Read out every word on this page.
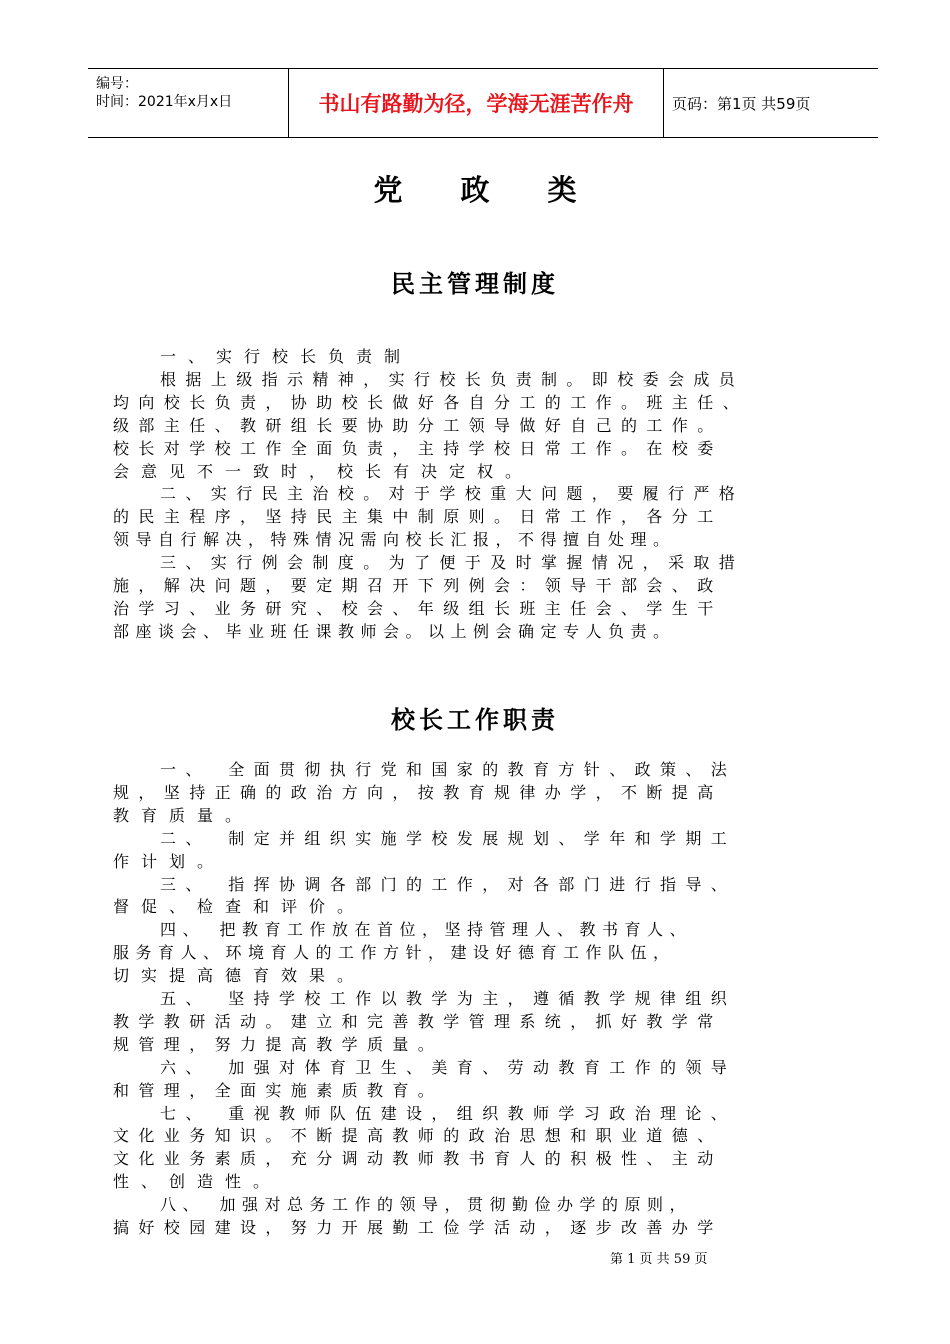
编号：
时间：2021年x月x日	书山有路勤为径，学海无涯苦作舟	页码：第1页 共59页
党政类
民主管理制度
一、实行校长负责制
根据上级指示精神，实行校长负责制。即校委会成员
均向校长负责，协助校长做好各自分工的工作。班主任、
级部主任、教研组长要协助分工领导做好自己的工作。
校长对学校工作全面负责，主持学校日常工作。在校委
会意见不一致时，校长有决定权。
二、实行民主治校。对于学校重大问题，要履行严格
的民主程序，坚持民主集中制原则。日常工作，各分工
领导自行解决，特殊情况需向校长汇报，不得擅自处理。
三、实行例会制度。为了便于及时掌握情况，采取措
施，解决问题，要定期召开下列例会：领导干部会、政
治学习、业务研究、校会、年级组长班主任会、学生干
部座谈会、毕业班任课教师会。以上例会确定专人负责。
校长工作职责
一、　全面贯彻执行党和国家的教育方针、政策、法
规，坚持正确的政治方向，按教育规律办学，不断提高
教育质量。
二、　制定并组织实施学校发展规划、学年和学期工
作计划。
三、　指挥协调各部门的工作，对各部门进行指导、
督促、检查和评价。
四、　把教育工作放在首位，坚持管理人、教书育人、
服务育人、环境育人的工作方针，建设好德育工作队伍，
切实提高德育效果。
五、　坚持学校工作以教学为主，遵循教学规律组织
教学教研活动。建立和完善教学管理系统，抓好教学常
规管理，努力提高教学质量。
六、　加强对体育卫生、美育、劳动教育工作的领导
和管理，全面实施素质教育。
七、　重视教师队伍建设，组织教师学习政治理论、
文化业务知识。不断提高教师的政治思想和职业道德、
文化业务素质，充分调动教师教书育人的积极性、主动
性、创造性。
八、　加强对总务工作的领导，贯彻勤俭办学的原则，
搞好校园建设，努力开展勤工俭学活动，逐步改善办学
第 1 页 共 59 页
